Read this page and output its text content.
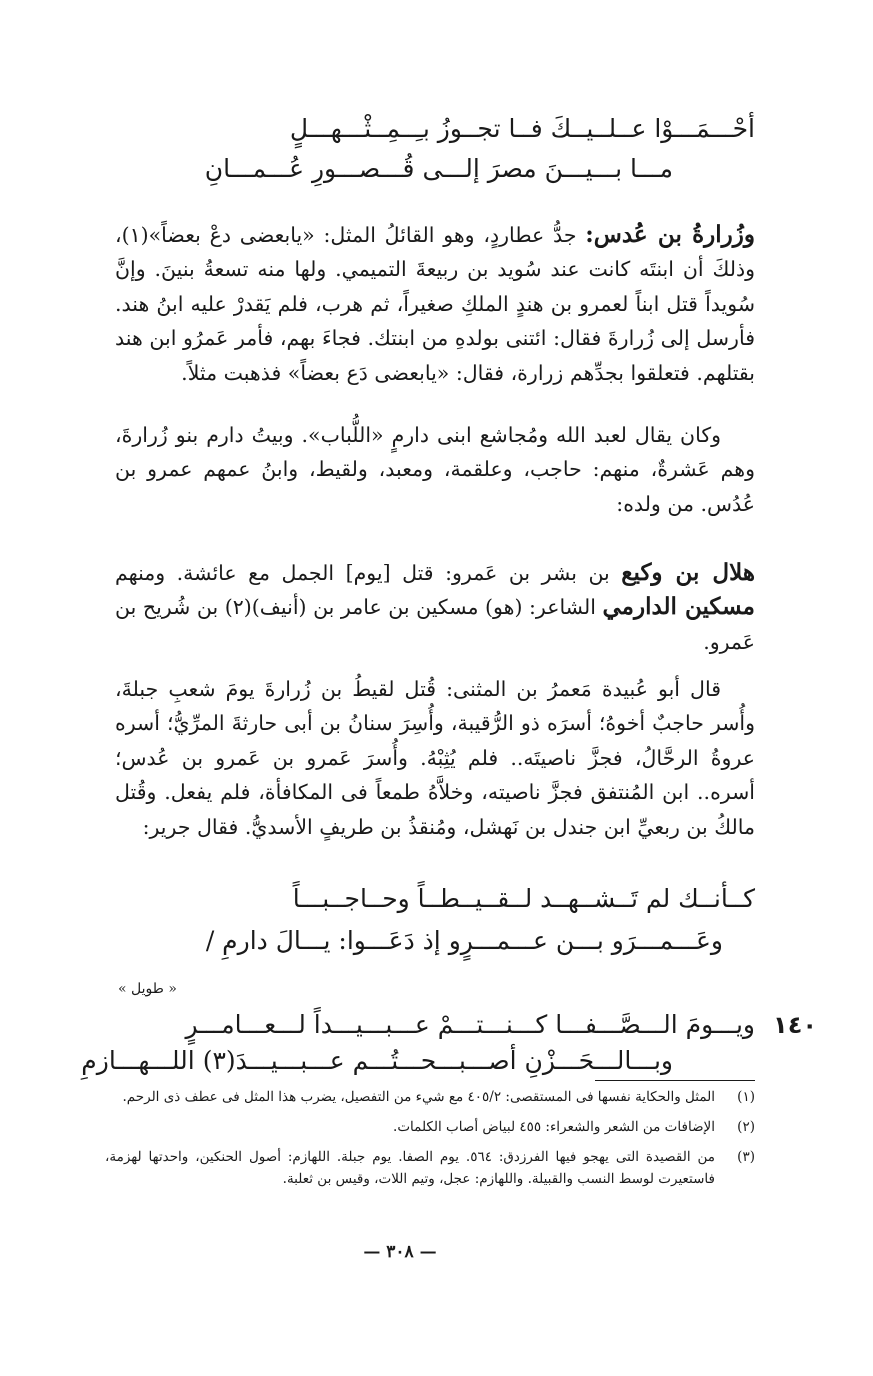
أحْـــمَـــوْا عــلــيــكَ فــا تجــوزُ بـِــمِــثْـــهـــلٍ
مـــا بـــيـــنَ مصرَ إلـــى قُـــصـــورِ عُـــمـــانِ

وزُرارةُ بن عُدس: جدُّ عطاردٍ، وهو القائلُ المثل: «يابعضى دعْ بعضاً»(١)، وذلكَ أن ابنتَه كانت عند سُويد بن ربيعةَ التميمي. ولها منه تسعةُ بنينَ. وإنَّ سُويداً قتل ابناً لعمرو بن هندٍ الملكِ صغيراً، ثم هرب، فلم يَقدرْ عليه ابنُ هند. فأرسل إلى زُرارةَ فقال: ائتنى بولدهِ من ابنتك. فجاءَ بهم، فأمر عَمرُو ابن هند بقتلهم. فتعلقوا بجدِّهم زرارة، فقال: «يابعضى دَع بعضاً» فذهبت مثلاً.

وكان يقال لعبد الله ومُجاشع ابنى دارمٍ «اللُّباب». وبيتُ دارم بنو زُرارةَ، وهم عَشرةٌ، منهم: حاجب، وعلقمة، ومعبد، ولقيط، وابنُ عمهم عمرو بن عُدُس. من ولده:

هلال بن وكيع بن بشر بن عَمرو: قتل [يوم] الجمل مع عائشة. ومنهم مسكين الدارمي الشاعر: (هو) مسكين بن عامر بن (أنيف)(٢) بن شُريح بن عَمرو.

قال أبو عُبيدة مَعمرُ بن المثنى: قُتل لقيطُ بن زُرارةَ يومَ شعبِ جبلةَ، وأُسر حاجبٌ أخوهُ؛ أسرَه ذو الرُّقيبة، وأُسِرَ سنانُ بن أبى حارثةَ المرِّيُّ؛ أسره عروةُ الرحَّالُ، فجزَّ ناصيتَه.. فلم يُثِبْهُ. وأُسرَ عَمرو بن عَمرو بن عُدس؛ أسره.. ابن المُنتفق فجزَّ ناصيته، وخلاَّهُ طمعاً فى المكافأة، فلم يفعل. وقُتل مالكُ بن ربعيِّ ابن جندل بن نَهشل، ومُنقذُ بن طريفٍ الأسديُّ. فقال جرير:

كــأنــك لم تَــشــهــد لــقــيــطــاً وحــاجــبـــاً
وعَـــمـــرَو بـــن عـــمـــرٍو إذ دَعَـــوا: يـــالَ دارمِ /
« طويل »
١٤٠
ويـــومَ الـــصَّـــفـــا كـــنـــتـــمْ عـــبـــيـــداً لـــعـــامـــرٍ
وبـــالـــحَـــزْنِ أصـــبـــحـــتُـــم عـــبـــيـــدَ(٣) اللـــهـــازمِ
(١)
المثل والحكاية نفسها فى المستقصى: ٤٠٥/٢ مع شيء من التفصيل، يضرب هذا المثل فى عطف ذى الرحم.
(٢)
الإضافات من الشعر والشعراء: ٤٥٥ لبياض أصاب الكلمات.
(٣)
من القصيدة التى يهجو فيها الفرزدق: ٥٦٤. يوم الصفا. يوم جبلة. اللهازم: أصول الحنكين، واحدتها لهزمة، فاستعيرت لوسط النسب والقبيلة. واللهازم: عجل، وتيم اللات، وقيس بن ثعلبة.
— ٣٠٨ —
